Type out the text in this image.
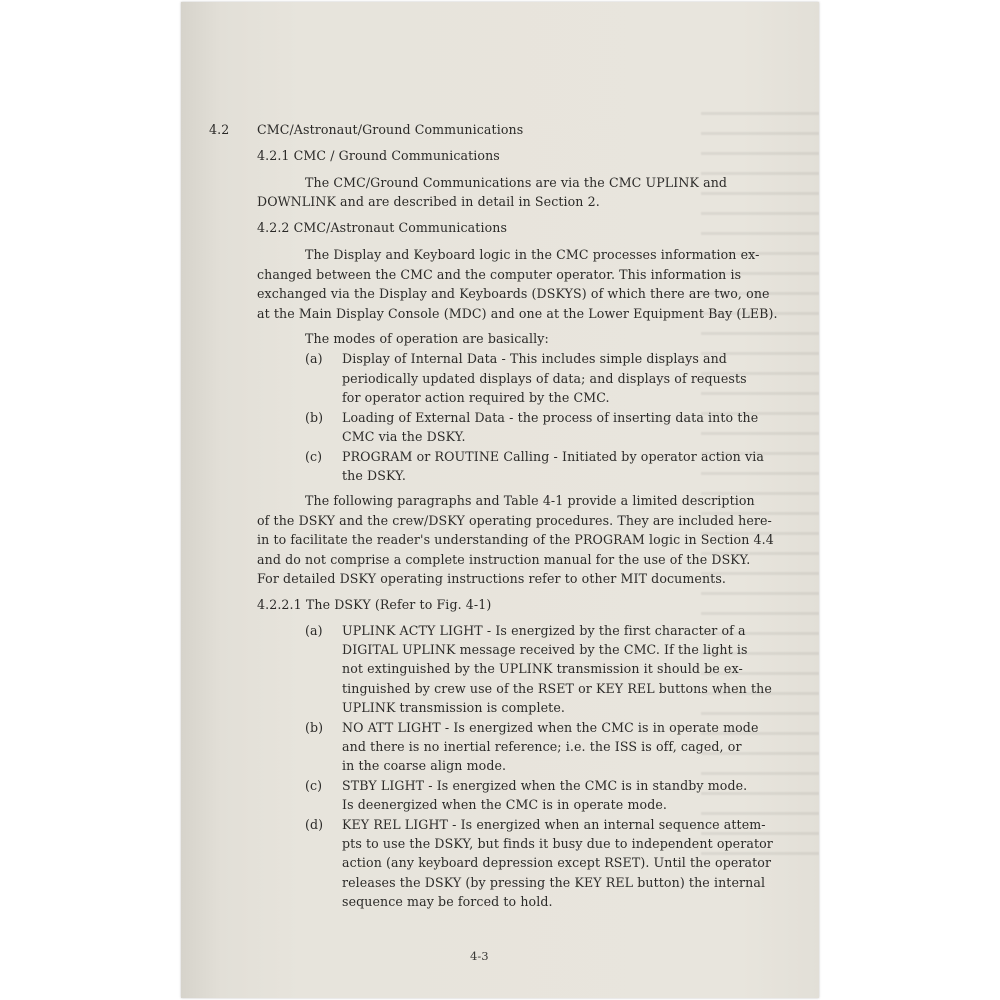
4.2 CMC/Astronaut/Ground Communications
4.2.1 CMC / Ground Communications
The CMC/Ground Communications are via the CMC UPLINK and
DOWNLINK and are described in detail in Section 2.
4.2.2 CMC/Astronaut Communications
The Display and Keyboard logic in the CMC processes information ex-
changed between the CMC and the computer operator. This information is
exchanged via the Display and Keyboards (DSKYS) of which there are two, one
at the Main Display Console (MDC) and one at the Lower Equipment Bay (LEB).
The modes of operation are basically:
(a) Display of Internal Data - This includes simple displays and
periodically updated displays of data; and displays of requests
for operator action required by the CMC.
(b) Loading of External Data - the process of inserting data into the
CMC via the DSKY.
(c) PROGRAM or ROUTINE Calling - Initiated by operator action via
the DSKY.
The following paragraphs and Table 4-1 provide a limited description
of the DSKY and the crew/DSKY operating procedures. They are included here-
in to facilitate the reader's understanding of the PROGRAM logic in Section 4.4
and do not comprise a complete instruction manual for the use of the DSKY.
For detailed DSKY operating instructions refer to other MIT documents.
4.2.2.1 The DSKY (Refer to Fig. 4-1)
(a) UPLINK ACTY LIGHT - Is energized by the first character of a
DIGITAL UPLINK message received by the CMC. If the light is
not extinguished by the UPLINK transmission it should be ex-
tinguished by crew use of the RSET or KEY REL buttons when the
UPLINK transmission is complete.
(b) NO ATT LIGHT - Is energized when the CMC is in operate mode
and there is no inertial reference; i.e. the ISS is off, caged, or
in the coarse align mode.
(c) STBY LIGHT - Is energized when the CMC is in standby mode.
Is deenergized when the CMC is in operate mode.
(d) KEY REL LIGHT - Is energized when an internal sequence attem-
pts to use the DSKY, but finds it busy due to independent operator
action (any keyboard depression except RSET). Until the operator
releases the DSKY (by pressing the KEY REL button) the internal
sequence may be forced to hold.
4-3
